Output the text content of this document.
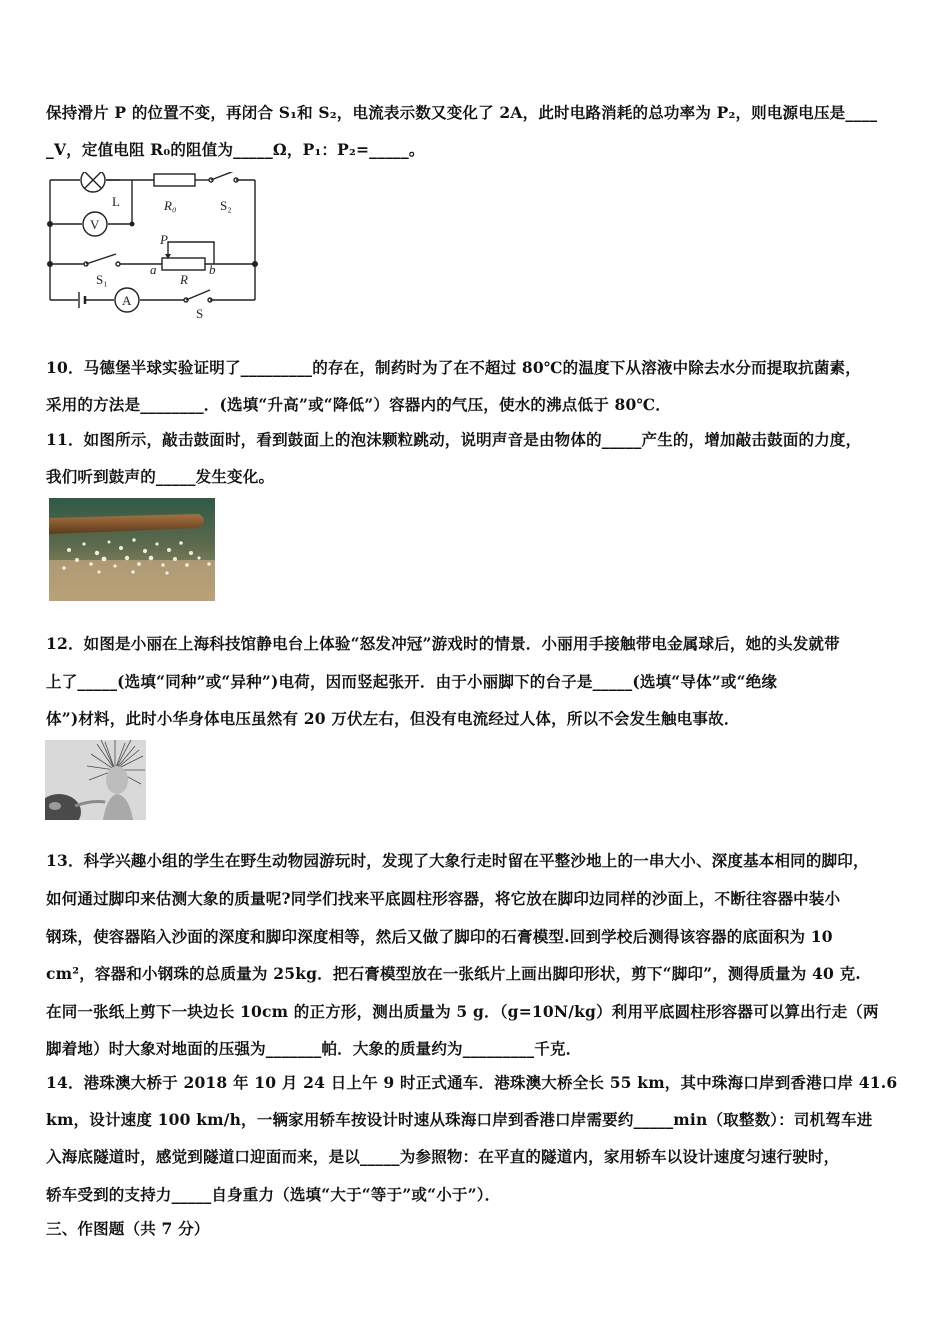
保持滑片 P 的位置不变，再闭合 S₁和 S₂，电流表示数又变化了 2A，此时电路消耗的总功率为 P₂，则电源电压是____
_V，定值电阻 R₀的阻值为_____Ω，P₁：P₂=_____。
L
V
R₀	S₂
S₁
P
a
R
b
A
S
10．马德堡半球实验证明了_________的存在，制药时为了在不超过 80℃的温度下从溶液中除去水分而提取抗菌素，
采用的方法是________．(选填“升高”或“降低”）容器内的气压，使水的沸点低于 80℃．
11．如图所示，敲击鼓面时，看到鼓面上的泡沫颗粒跳动，说明声音是由物体的_____产生的，增加敲击鼓面的力度，
我们听到鼓声的_____发生变化。
12．如图是小丽在上海科技馆静电台上体验“怒发冲冠”游戏时的情景．小丽用手接触带电金属球后，她的头发就带
上了_____(选填“同种”或“异种”)电荷，因而竖起张开．由于小丽脚下的台子是_____(选填“导体”或“绝缘
体”)材料，此时小华身体电压虽然有 20 万伏左右，但没有电流经过人体，所以不会发生触电事故．
13．科学兴趣小组的学生在野生动物园游玩时，发现了大象行走时留在平整沙地上的一串大小、深度基本相同的脚印，
如何通过脚印来估测大象的质量呢?同学们找来平底圆柱形容器，将它放在脚印边同样的沙面上，不断往容器中装小
钢珠，使容器陷入沙面的深度和脚印深度相等，然后又做了脚印的石膏模型.回到学校后测得该容器的底面积为 10
cm²，容器和小钢珠的总质量为 25kg．把石膏模型放在一张纸片上画出脚印形状，剪下“脚印”，测得质量为 40 克.
在同一张纸上剪下一块边长 10cm 的正方形，测出质量为 5 g．（g=10N/kg）利用平底圆柱形容器可以算出行走（两
脚着地）时大象对地面的压强为_______帕．大象的质量约为_________千克．
14．港珠澳大桥于 2018 年 10 月 24 日上午 9 时正式通车．港珠澳大桥全长 55 km，其中珠海口岸到香港口岸 41.6
km，设计速度 100 km/h，一辆家用轿车按设计时速从珠海口岸到香港口岸需要约_____min（取整数）：司机驾车进
入海底隧道时，感觉到隧道口迎面而来，是以_____为参照物：在平直的隧道内，家用轿车以设计速度匀速行驶时，
轿车受到的支持力_____自身重力（选填“大于“等于”或“小于”）．
三、作图题（共 7 分）
